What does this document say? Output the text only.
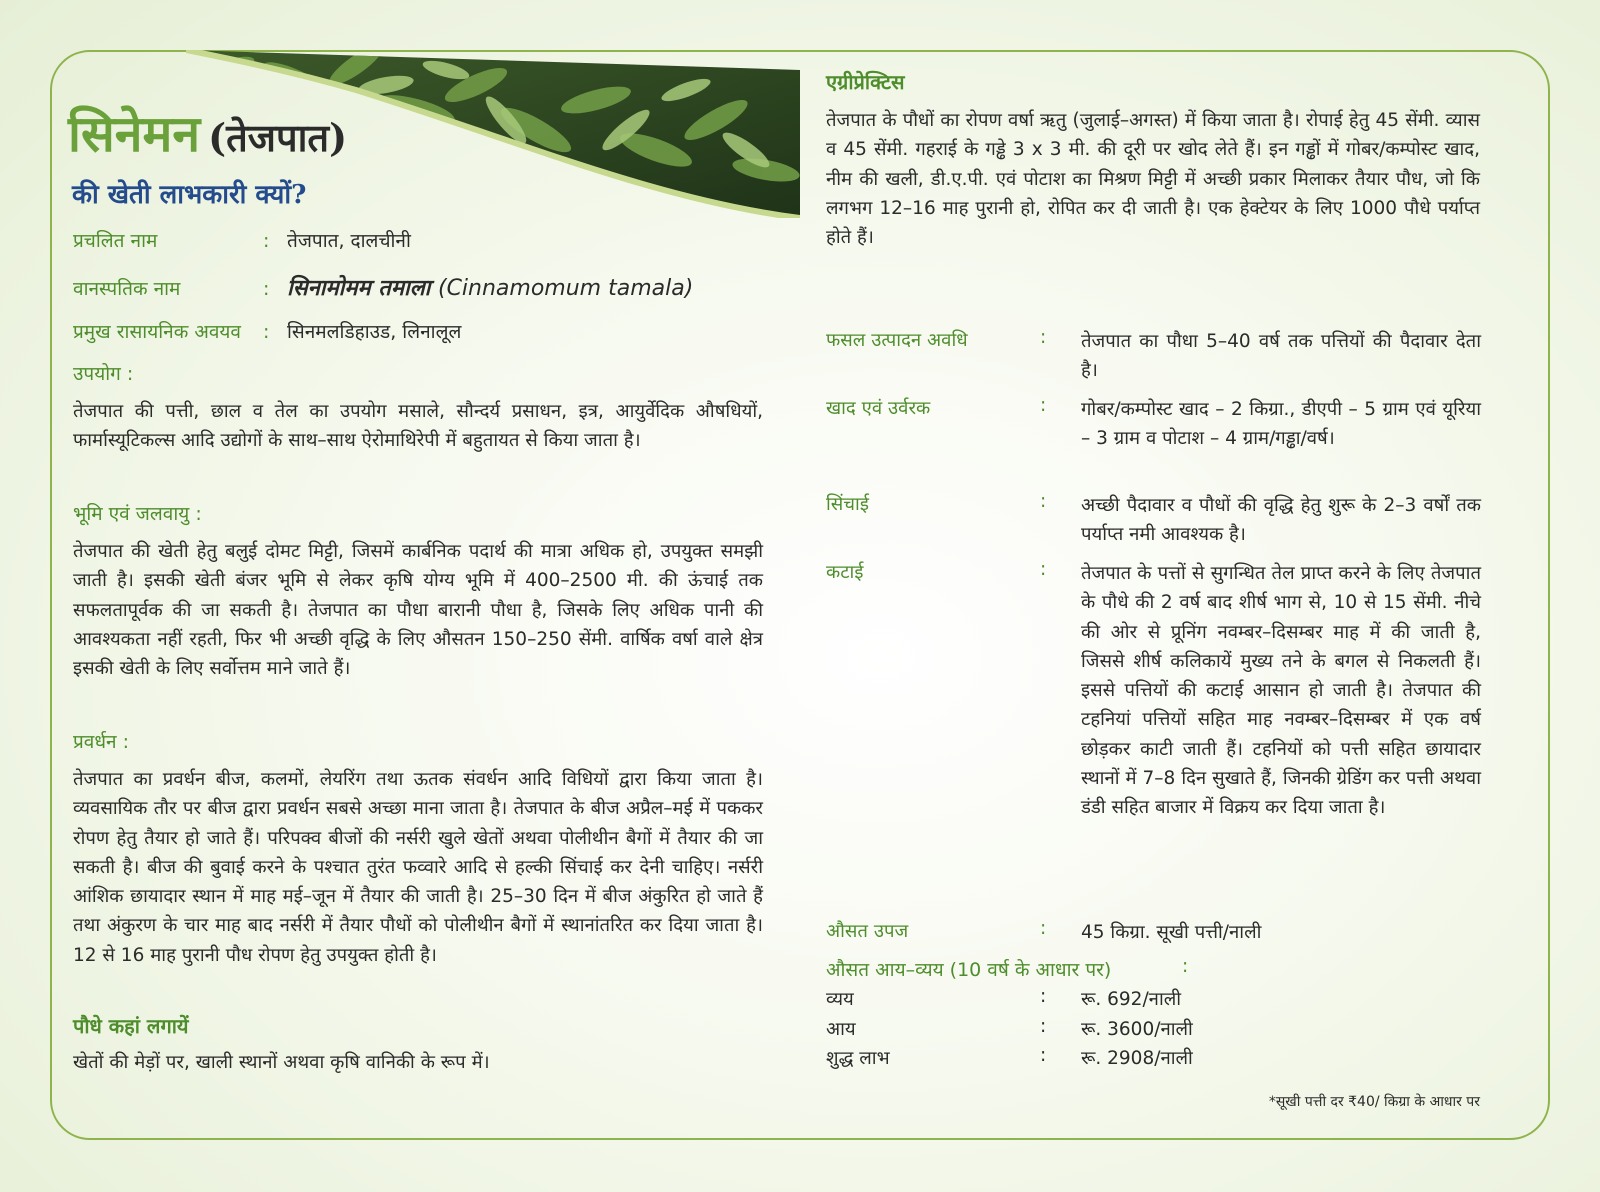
सिनेमन (तेजपात)
की खेती लाभकारी क्यों?
प्रचलित नाम	: तेजपात, दालचीनी
वानस्पतिक नाम	: सिनामोमम तमाला (Cinnamomum tamala)
प्रमुख रासायनिक अवयव : सिनमलडिहाउड, लिनालूल
उपयोग :
तेजपात की पत्ती, छाल व तेल का उपयोग मसाले, सौन्दर्य प्रसाधन, इत्र, आयुर्वेदिक औषधियों, फार्मास्यूटिकल्स आदि उद्योगों के साथ–साथ ऐरोमाथिरेपी में बहुतायत से किया जाता है।
भूमि एवं जलवायु :
तेजपात की खेती हेतु बलुई दोमट मिट्टी, जिसमें कार्बनिक पदार्थ की मात्रा अधिक हो, उपयुक्त समझी जाती है। इसकी खेती बंजर भूमि से लेकर कृषि योग्य भूमि में 400–2500 मी. की ऊंचाई तक सफलतापूर्वक की जा सकती है। तेजपात का पौधा बारानी पौधा है, जिसके लिए अधिक पानी की आवश्यकता नहीं रहती, फिर भी अच्छी वृद्धि के लिए औसतन 150–250 सेंमी. वार्षिक वर्षा वाले क्षेत्र इसकी खेती के लिए सर्वोत्तम माने जाते हैं।
प्रवर्धन :
तेजपात का प्रवर्धन बीज, कलमों, लेयरिंग तथा ऊतक संवर्धन आदि विधियों द्वारा किया जाता है। व्यवसायिक तौर पर बीज द्वारा प्रवर्धन सबसे अच्छा माना जाता है। तेजपात के बीज अप्रैल–मई में पककर रोपण हेतु तैयार हो जाते हैं। परिपक्व बीजों की नर्सरी खुले खेतों अथवा पोलीथीन बैगों में तैयार की जा सकती है। बीज की बुवाई करने के पश्चात तुरंत फव्वारे आदि से हल्की सिंचाई कर देनी चाहिए। नर्सरी आंशिक छायादार स्थान में माह मई–जून में तैयार की जाती है। 25–30 दिन में बीज अंकुरित हो जाते हैं तथा अंकुरण के चार माह बाद नर्सरी में तैयार पौधों को पोलीथीन बैगों में स्थानांतरित कर दिया जाता है। 12 से 16 माह पुरानी पौध रोपण हेतु उपयुक्त होती है।
पौधे कहां लगायें
खेतों की मेड़ों पर, खाली स्थानों अथवा कृषि वानिकी के रूप में।
एग्रीप्रेक्टिस
तेजपात के पौधों का रोपण वर्षा ऋतु (जुलाई–अगस्त) में किया जाता है। रोपाई हेतु 45 सेंमी. व्यास व 45 सेंमी. गहराई के गड्ढे 3 x 3 मी. की दूरी पर खोद लेते हैं। इन गड्ढों में गोबर/कम्पोस्ट खाद, नीम की खली, डी.ए.पी. एवं पोटाश का मिश्रण मिट्टी में अच्छी प्रकार मिलाकर तैयार पौध, जो कि लगभग 12–16 माह पुरानी हो, रोपित कर दी जाती है। एक हेक्टेयर के लिए 1000 पौधे पर्याप्त होते हैं।
फसल उत्पादन अवधि	: तेजपात का पौधा 5–40 वर्ष तक पत्तियों की पैदावार देता है।
खाद एवं उर्वरक	: गोबर/कम्पोस्ट खाद – 2 किग्रा., डीएपी – 5 ग्राम एवं यूरिया – 3 ग्राम व पोटाश – 4 ग्राम/गड्ढा/वर्ष।
सिंचाई	: अच्छी पैदावार व पौधों की वृद्धि हेतु शुरू के 2–3 वर्षों तक पर्याप्त नमी आवश्यक है।
कटाई	: तेजपात के पत्तों से सुगन्धित तेल प्राप्त करने के लिए तेजपात के पौधे की 2 वर्ष बाद शीर्ष भाग से, 10 से 15 सेंमी. नीचे की ओर से प्रूनिंग नवम्बर–दिसम्बर माह में की जाती है, जिससे शीर्ष कलिकायें मुख्य तने के बगल से निकलती हैं। इससे पत्तियों की कटाई आसान हो जाती है। तेजपात की टहनियां पत्तियों सहित माह नवम्बर–दिसम्बर में एक वर्ष छोड़कर काटी जाती हैं। टहनियों को पत्ती सहित छायादार स्थानों में 7–8 दिन सुखाते हैं, जिनकी ग्रेडिंग कर पत्ती अथवा डंडी सहित बाजार में विक्रय कर दिया जाता है।
औसत उपज	: 45 किग्रा. सूखी पत्ती/नाली
औसत आय–व्यय (10 वर्ष के आधार पर)	:
व्यय	: रू. 692/नाली
आय	: रू. 3600/नाली
शुद्ध लाभ	: रू. 2908/नाली
*सूखी पत्ती दर ₹40/ किग्रा के आधार पर
